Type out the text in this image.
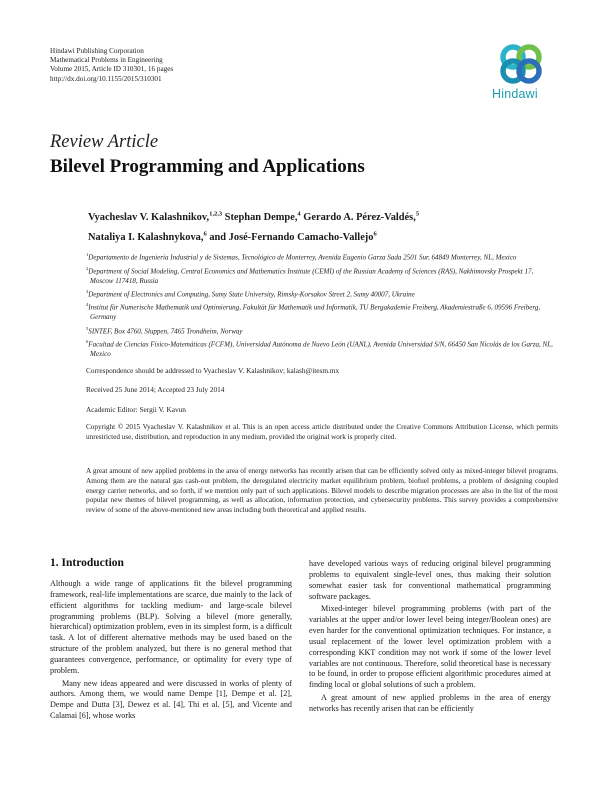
Hindawi Publishing Corporation
Mathematical Problems in Engineering
Volume 2015, Article ID 310301, 16 pages
http://dx.doi.org/10.1155/2015/310301
Hindawi
Review Article
Bilevel Programming and Applications
Vyacheslav V. Kalashnikov,$^{1,2,3}$ Stephan Dempe,$^4$ Gerardo A. Pérez-Valdés,$^5$
Nataliya I. Kalashnykova,$^6$ and José-Fernando Camacho-Vallejo$^6$
$^1$Departamento de Ingeniería Industrial y de Sistemas, Tecnológico de Monterrey, Avenida Eugenio Garza Sada 2501 Sur, 64849 Monterrey, NL, Mexico
$^2$Department of Social Modeling, Central Economics and Mathematics Institute (CEMI) of the Russian Academy of Sciences (RAS), Nakhimovsky Prospekt 17, Moscow 117418, Russia
$^3$Department of Electronics and Computing, Sumy State University, Rimsky-Korsakov Street 2, Sumy 40007, Ukraine
$^4$Institut für Numerische Mathematik und Optimierung, Fakultät für Mathematik und Informatik, TU Bergakademie Freiberg, Akademiestraße 6, 09596 Freiberg, Germany
$^5$SINTEF, Box 4760, Sluppen, 7465 Trondheim, Norway
$^6$Facultad de Ciencias Físico-Matemáticas (FCFM), Universidad Autónoma de Nuevo León (UANL), Avenida Universidad S/N, 66450 San Nicolás de los Garza, NL, Mexico
Correspondence should be addressed to Vyacheslav V. Kalashnikov; kalash@itesm.mx
Received 25 June 2014; Accepted 23 July 2014
Academic Editor: Sergii V. Kavun
Copyright © 2015 Vyacheslav V. Kalashnikov et al. This is an open access article distributed under the Creative Commons Attribution License, which permits unrestricted use, distribution, and reproduction in any medium, provided the original work is properly cited.
A great amount of new applied problems in the area of energy networks has recently arisen that can be efficiently solved only as mixed-integer bilevel programs. Among them are the natural gas cash-out problem, the deregulated electricity market equilibrium problem, biofuel problems, a problem of designing coupled energy carrier networks, and so forth, if we mention only part of such applications. Bilevel models to describe migration processes are also in the list of the most popular new themes of bilevel programming, as well as allocation, information protection, and cybersecurity problems. This survey provides a comprehensive review of some of the above-mentioned new areas including both theoretical and applied results.
1. Introduction

Although a wide range of applications fit the bilevel programming framework, real-life implementations are scarce, due mainly to the lack of efficient algorithms for tackling medium- and large-scale bilevel programming problems (BLP). Solving a bilevel (more generally, hierarchical) optimization problem, even in its simplest form, is a difficult task. A lot of different alternative methods may be used based on the structure of the problem analyzed, but there is no general method that guarantees convergence, performance, or optimality for every type of problem.

Many new ideas appeared and were discussed in works of plenty of authors. Among them, we would name Dempe [1], Dempe et al. [2], Dempe and Dutta [3], Dewez et al. [4], Thi et al. [5], and Vicente and Calamai [6], whose works

have developed various ways of reducing original bilevel programming problems to equivalent single-level ones, thus making their solution somewhat easier task for conventional mathematical programming software packages.

Mixed-integer bilevel programming problems (with part of the variables at the upper and/or lower level being integer/Boolean ones) are even harder for the conventional optimization techniques. For instance, a usual replacement of the lower level optimization problem with a corresponding KKT condition may not work if some of the lower level variables are not continuous. Therefore, solid theoretical base is necessary to be found, in order to propose efficient algorithmic procedures aimed at finding local or global solutions of such a problem.

A great amount of new applied problems in the area of energy networks has recently arisen that can be efficiently
